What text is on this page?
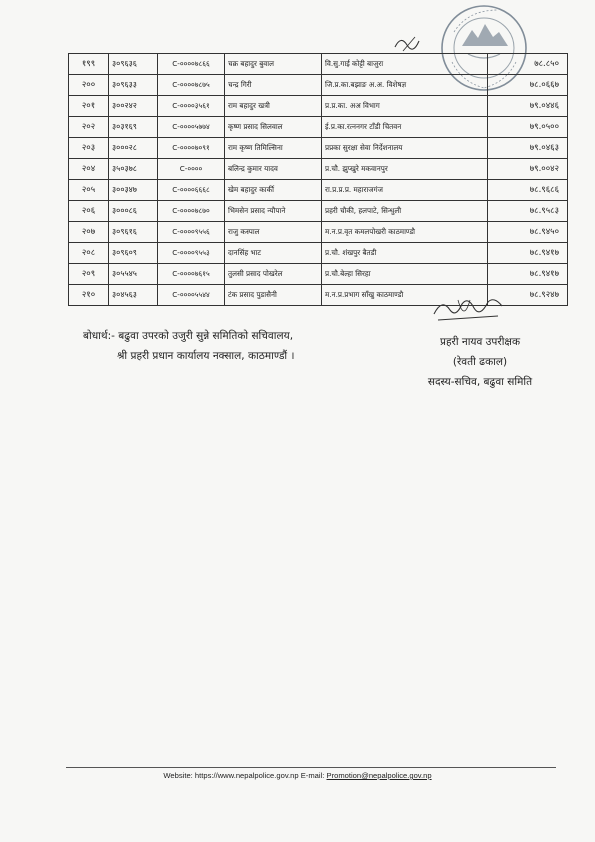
१९९	३०९६३६	C-००००७८६६	चक्र बहादुर बुवाल	वि.सु.गाई कोट्टी बाजुरा	७८.८५०
२००	३०९६३३	C-००००७८७५	चन्द्र गिरी	जि.प्र.का.बझाङ अ.अ. विशेषज्ञ	७८.०६६७
२०१	३००२४२	C-००००३५६१	राम बहादुर खत्री	प्र.प्र.का. अअ विभाग	७९.०४४६
२०२	३०३१६९	C-००००५७७४	कृष्ण प्रसाद सिलवाल	ई.प्र.का.रत्ननगर टाँडी चितवन	७९.०५००
२०३	३०००२८	C-००००७०९१	राम कृष्ण तिमिल्सिना	प्रप्रका सुरक्षा सेवा निर्देशनालय	७९.०४६३
२०४	३५०३७८	C-००००	बलिन्द्र कुमार यादव	प्र.चौ. झुप्खुरे मकवानपुर	७९.००४२
२०५	३००३४७	C-००००६६६८	खेम बहादुर कार्की	रा.प्र.प्र.प्र. महाराजगंज	७८.९६८६
२०६	३०००८६	C-००००७८७०	भिमसेन प्रसाद न्यौपाने	प्रहरी चौकी, हलपाटे, सिन्धुली	७८.९५८३
२०७	३०९६१६	C-००००९५५६	राजु कस्पाल	म.न.प्र.वृत कमलपोखरी काठमाण्डौ	७८.९४५०
२०८	३०९६०९	C-००००९५५३	दानसिंह भाट	प्र.चौ. शंखपुर बैतडी	७८.९४१७
२०९	३०५५४५	C-००००७६१५	तुलसी प्रसाद पोखरेल	प्र.चौ.बेल्हा सिरहा	७८.९४१७
२१०	३०४५६३	C-००००५५४४	टंक प्रसाद पुडासैनी	म.न.प्र.प्रभाग साँखु काठमाण्डौ	७८.९२४७
बोधार्थ:- बढुवा उपरको उजुरी सुन्ने समितिको सचिवालय,
श्री प्रहरी प्रधान कार्यालय नक्साल, काठमाण्डौं ।
प्रहरी नायव उपरीक्षक
(रेवती ढकाल)
सदस्य-सचिव, बढुवा समिति
Website: https://www.nepalpolice.gov.np E-mail: Promotion@nepalpolice.gov.np
